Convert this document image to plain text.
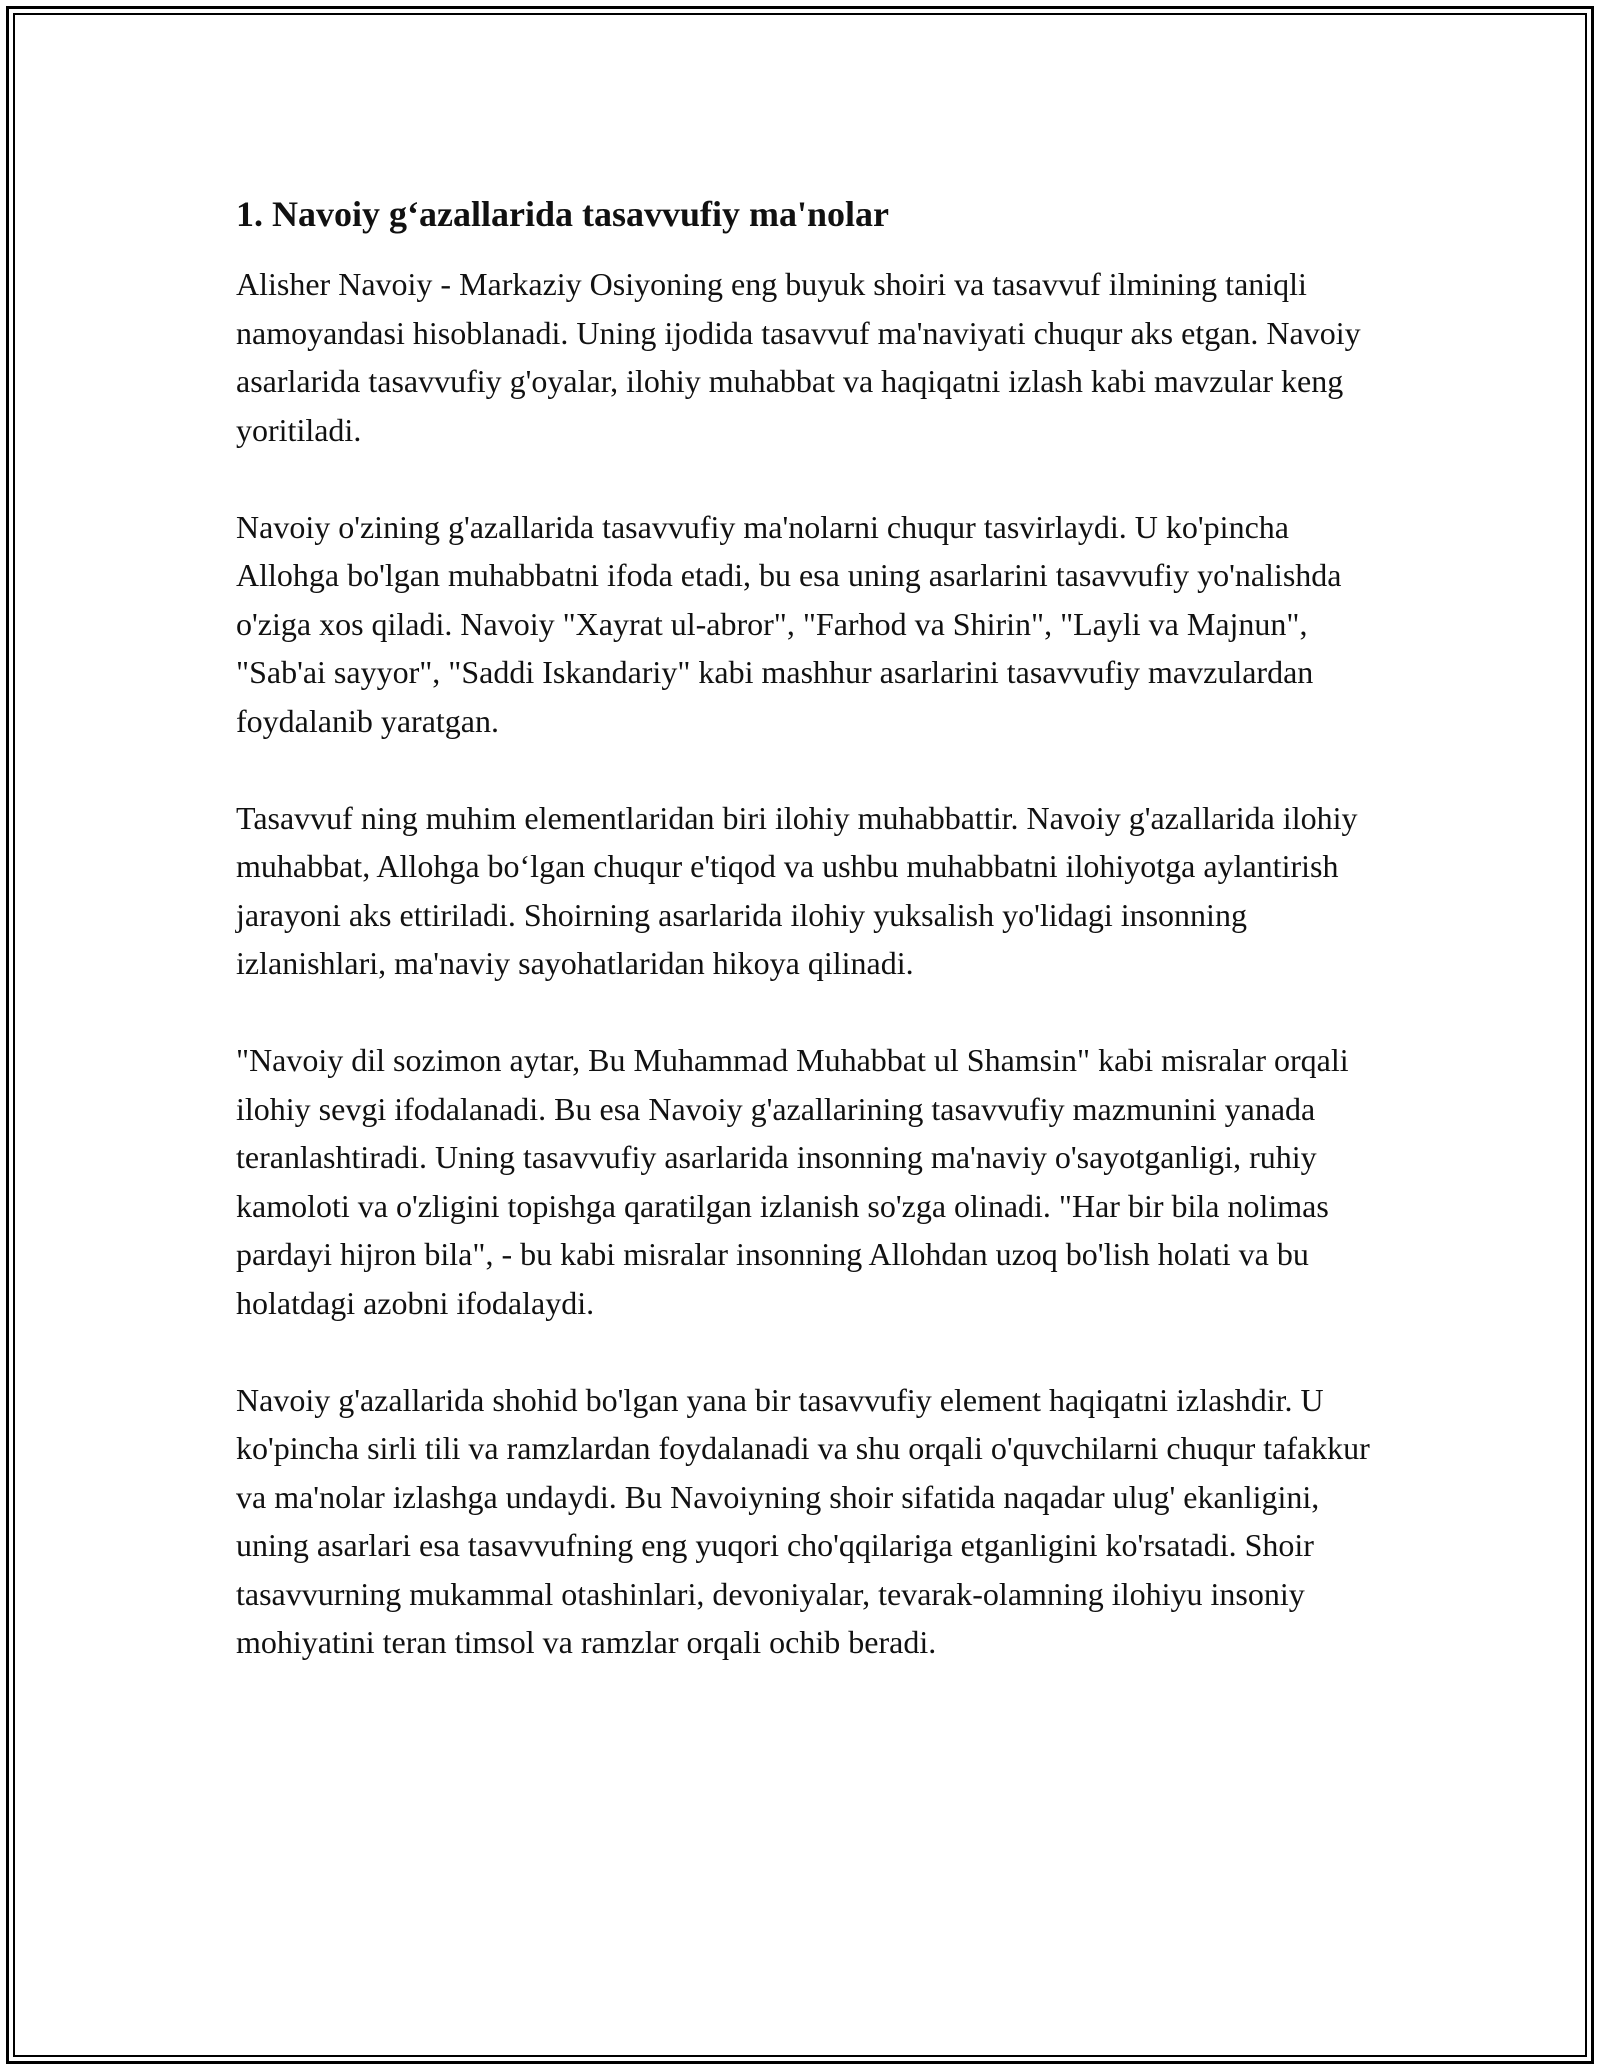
1. Navoiy g‘azallarida tasavvufiy ma'nolar

Alisher Navoiy - Markaziy Osiyoning eng buyuk shoiri va tasavvuf ilmining taniqli namoyandasi hisoblanadi. Uning ijodida tasavvuf ma'naviyati chuqur aks etgan. Navoiy asarlarida tasavvufiy g'oyalar, ilohiy muhabbat va haqiqatni izlash kabi mavzular keng yoritiladi.

Navoiy o'zining g'azallarida tasavvufiy ma'nolarni chuqur tasvirlaydi. U ko'pincha Allohga bo'lgan muhabbatni ifoda etadi, bu esa uning asarlarini tasavvufiy yo'nalishda o'ziga xos qiladi. Navoiy "Xayrat ul-abror", "Farhod va Shirin", "Layli va Majnun", "Sab'ai sayyor", "Saddi Iskandariy" kabi mashhur asarlarini tasavvufiy mavzulardan foydalanib yaratgan.

Tasavvuf ning muhim elementlaridan biri ilohiy muhabbattir. Navoiy g'azallarida ilohiy muhabbat, Allohga bo‘lgan chuqur e'tiqod va ushbu muhabbatni ilohiyotga aylantirish jarayoni aks ettiriladi. Shoirning asarlarida ilohiy yuksalish yo'lidagi insonning izlanishlari, ma'naviy sayohatlaridan hikoya qilinadi.

"Navoiy dil sozimon aytar, Bu Muhammad Muhabbat ul Shamsin" kabi misralar orqali ilohiy sevgi ifodalanadi. Bu esa Navoiy g'azallarining tasavvufiy mazmunini yanada teranlashtiradi. Uning tasavvufiy asarlarida insonning ma'naviy o'sayotganligi, ruhiy kamoloti va o'zligini topishga qaratilgan izlanish so'zga olinadi. "Har bir bila nolimas pardayi hijron bila", - bu kabi misralar insonning Allohdan uzoq bo'lish holati va bu holatdagi azobni ifodalaydi.

Navoiy g'azallarida shohid bo'lgan yana bir tasavvufiy element haqiqatni izlashdir. U ko'pincha sirli tili va ramzlardan foydalanadi va shu orqali o'quvchilarni chuqur tafakkur va ma'nolar izlashga undaydi. Bu Navoiyning shoir sifatida naqadar ulug' ekanligini, uning asarlari esa tasavvufning eng yuqori cho'qqilariga etganligini ko'rsatadi. Shoir tasavvurning mukammal otashinlari, devoniyalar, tevarak-olamning ilohiyu insoniy mohiyatini teran timsol va ramzlar orqali ochib beradi.
